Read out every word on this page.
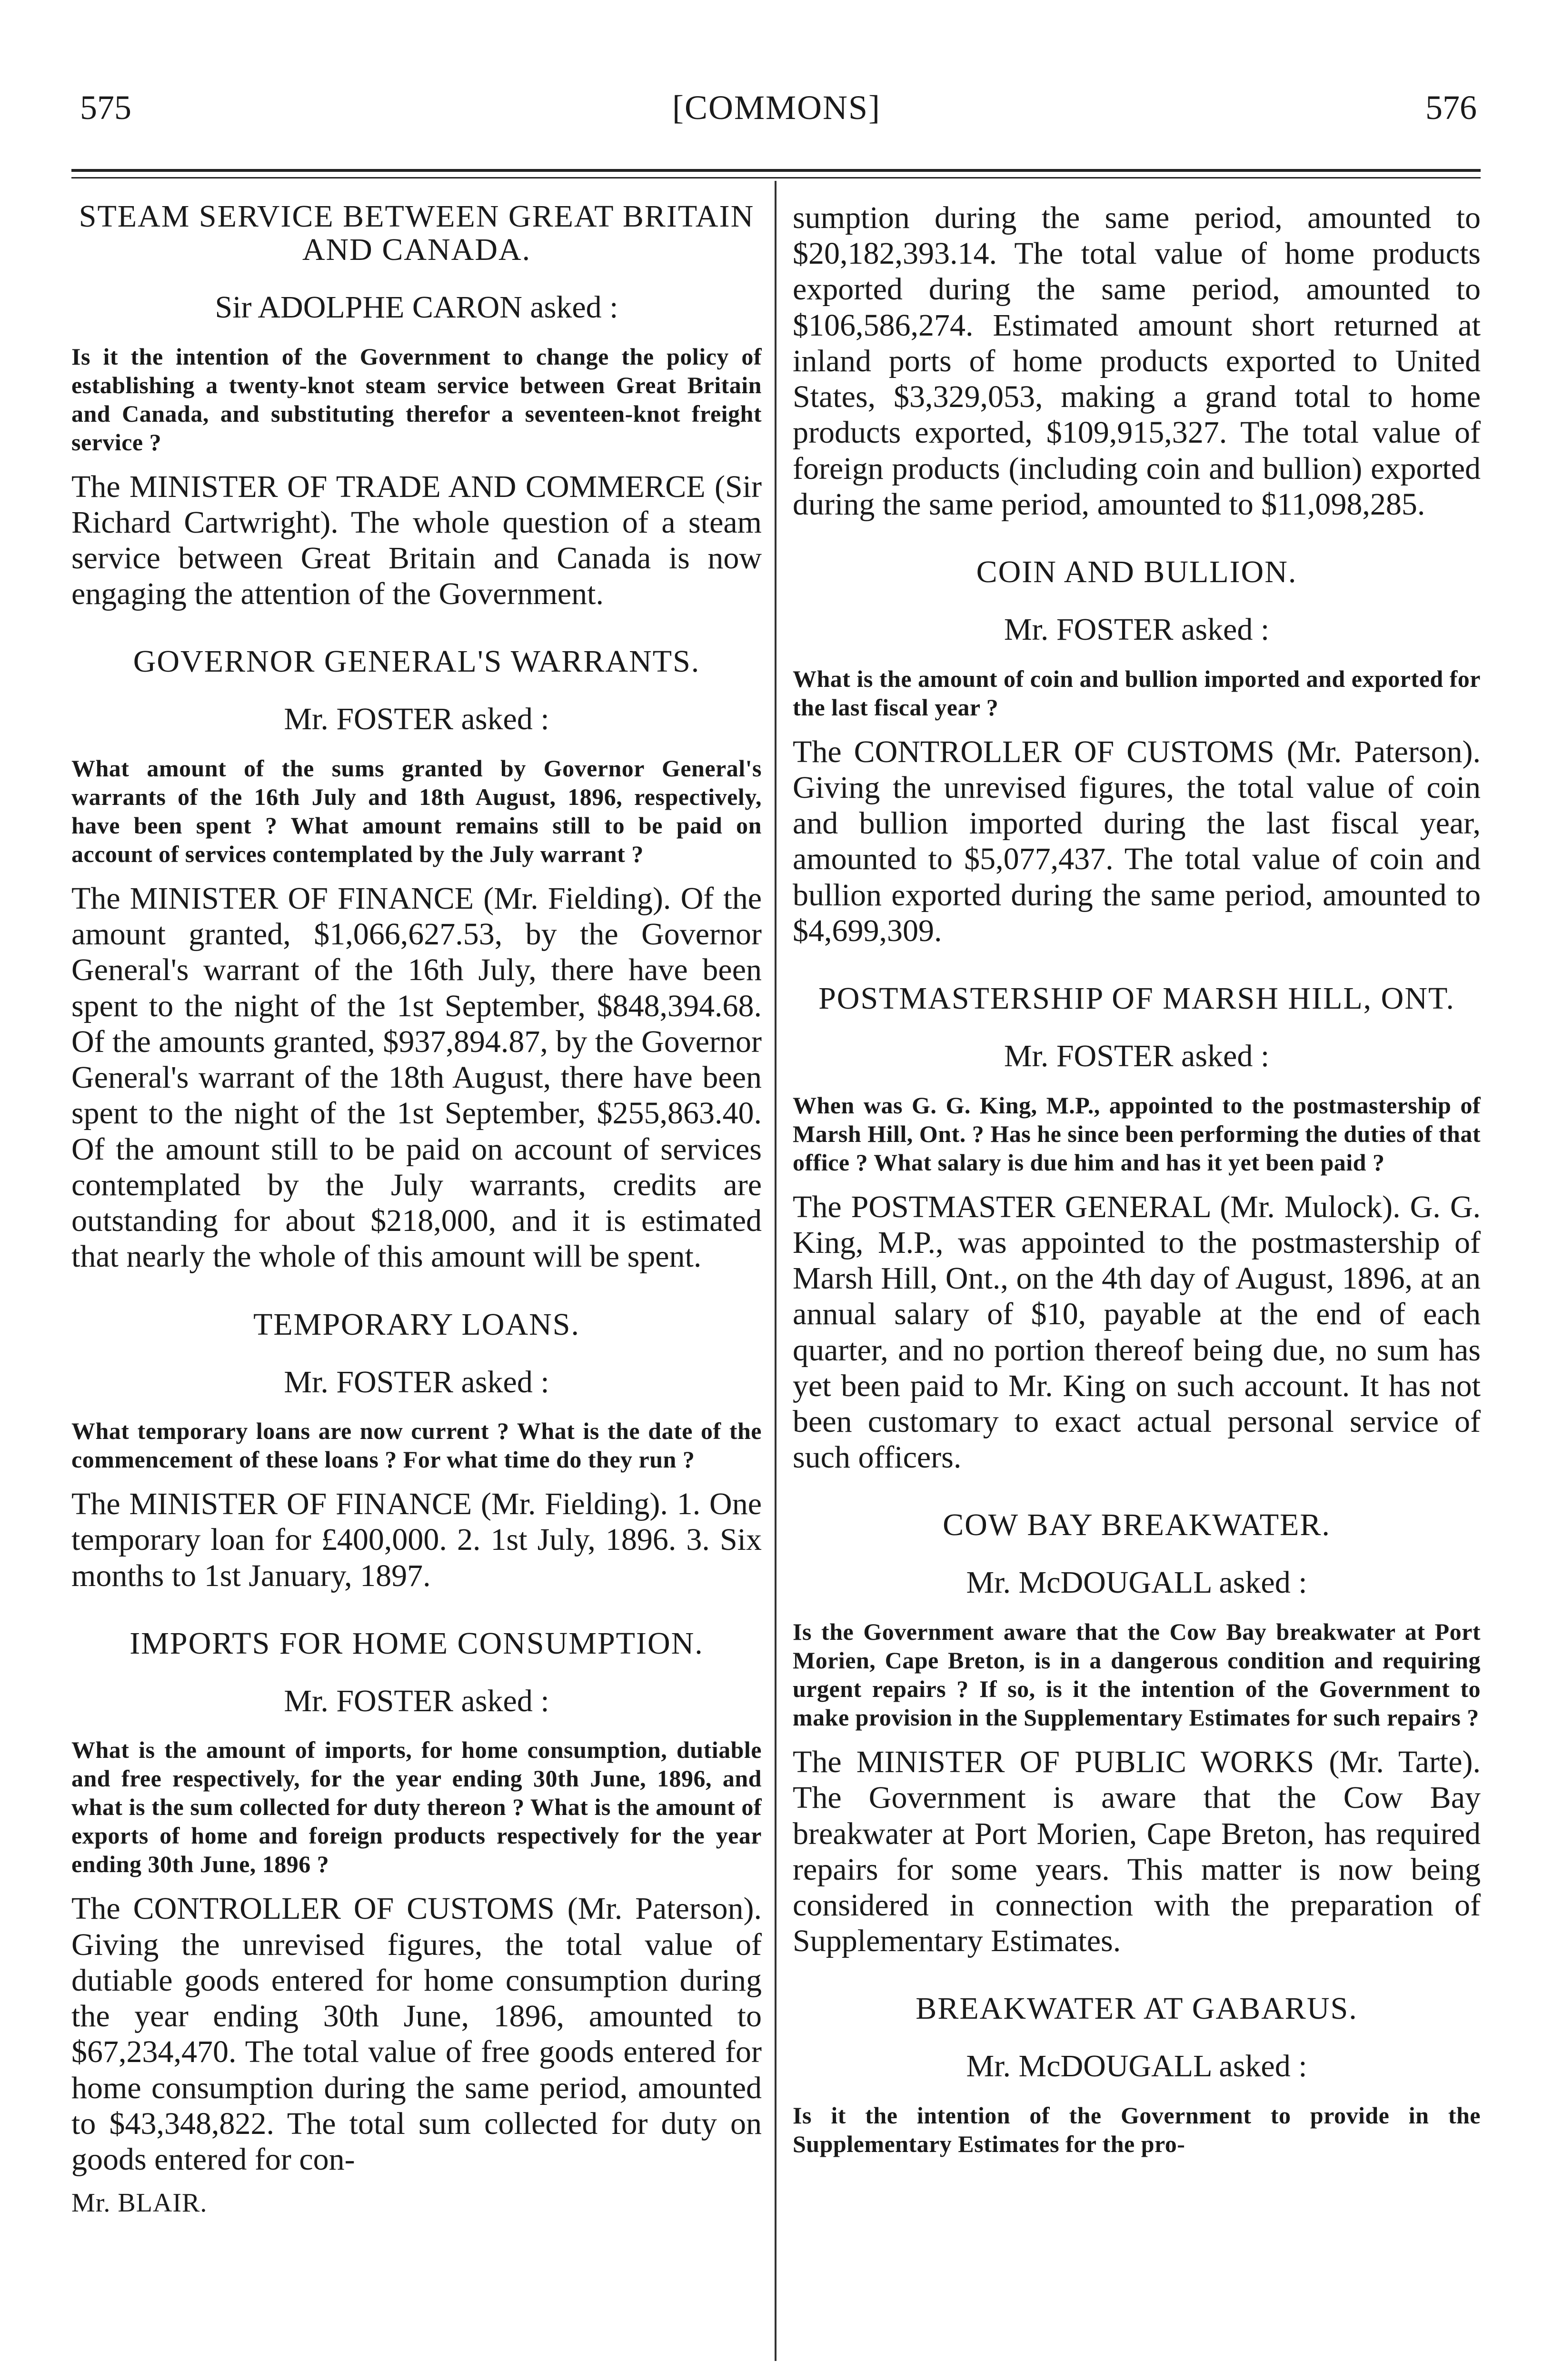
575	[COMMONS]	576
STEAM SERVICE BETWEEN GREAT BRITAIN AND CANADA.

Sir ADOLPHE CARON asked :

Is it the intention of the Government to change the policy of establishing a twenty-knot steam service between Great Britain and Canada, and substituting therefor a seventeen-knot freight service ?

The MINISTER OF TRADE AND COMMERCE (Sir Richard Cartwright). The whole question of a steam service between Great Britain and Canada is now engaging the attention of the Government.

GOVERNOR GENERAL'S WARRANTS.

Mr. FOSTER asked :

What amount of the sums granted by Governor General's warrants of the 16th July and 18th August, 1896, respectively, have been spent ? What amount remains still to be paid on account of services contemplated by the July warrant ?

The MINISTER OF FINANCE (Mr. Fielding). Of the amount granted, $1,066,627.53, by the Governor General's warrant of the 16th July, there have been spent to the night of the 1st September, $848,394.68. Of the amounts granted, $937,894.87, by the Governor General's warrant of the 18th August, there have been spent to the night of the 1st September, $255,863.40. Of the amount still to be paid on account of services contemplated by the July warrants, credits are outstanding for about $218,000, and it is estimated that nearly the whole of this amount will be spent.

TEMPORARY LOANS.

Mr. FOSTER asked :

What temporary loans are now current ? What is the date of the commencement of these loans ? For what time do they run ?

The MINISTER OF FINANCE (Mr. Fielding). 1. One temporary loan for £400,000. 2. 1st July, 1896. 3. Six months to 1st January, 1897.

IMPORTS FOR HOME CONSUMPTION.

Mr. FOSTER asked :

What is the amount of imports, for home consumption, dutiable and free respectively, for the year ending 30th June, 1896, and what is the sum collected for duty thereon ? What is the amount of exports of home and foreign products respectively for the year ending 30th June, 1896 ?

The CONTROLLER OF CUSTOMS (Mr. Paterson). Giving the unrevised figures, the total value of dutiable goods entered for home consumption during the year ending 30th June, 1896, amounted to $67,234,470. The total value of free goods entered for home consumption during the same period, amounted to $43,348,822. The total sum collected for duty on goods entered for con-

Mr. BLAIR.

sumption during the same period, amounted to $20,182,393.14. The total value of home products exported during the same period, amounted to $106,586,274. Estimated amount short returned at inland ports of home products exported to United States, $3,329,053, making a grand total to home products exported, $109,915,327. The total value of foreign products (including coin and bullion) exported during the same period, amounted to $11,098,285.

COIN AND BULLION.

Mr. FOSTER asked :

What is the amount of coin and bullion imported and exported for the last fiscal year ?

The CONTROLLER OF CUSTOMS (Mr. Paterson). Giving the unrevised figures, the total value of coin and bullion imported during the last fiscal year, amounted to $5,077,437. The total value of coin and bullion exported during the same period, amounted to $4,699,309.

POSTMASTERSHIP OF MARSH HILL, ONT.

Mr. FOSTER asked :

When was G. G. King, M.P., appointed to the postmastership of Marsh Hill, Ont. ? Has he since been performing the duties of that office ? What salary is due him and has it yet been paid ?

The POSTMASTER GENERAL (Mr. Mulock). G. G. King, M.P., was appointed to the postmastership of Marsh Hill, Ont., on the 4th day of August, 1896, at an annual salary of $10, payable at the end of each quarter, and no portion thereof being due, no sum has yet been paid to Mr. King on such account. It has not been customary to exact actual personal service of such officers.

COW BAY BREAKWATER.

Mr. McDOUGALL asked :

Is the Government aware that the Cow Bay breakwater at Port Morien, Cape Breton, is in a dangerous condition and requiring urgent repairs ? If so, is it the intention of the Government to make provision in the Supplementary Estimates for such repairs ?

The MINISTER OF PUBLIC WORKS (Mr. Tarte). The Government is aware that the Cow Bay breakwater at Port Morien, Cape Breton, has required repairs for some years. This matter is now being considered in connection with the preparation of Supplementary Estimates.

BREAKWATER AT GABARUS.

Mr. McDOUGALL asked :

Is it the intention of the Government to provide in the Supplementary Estimates for the pro-
